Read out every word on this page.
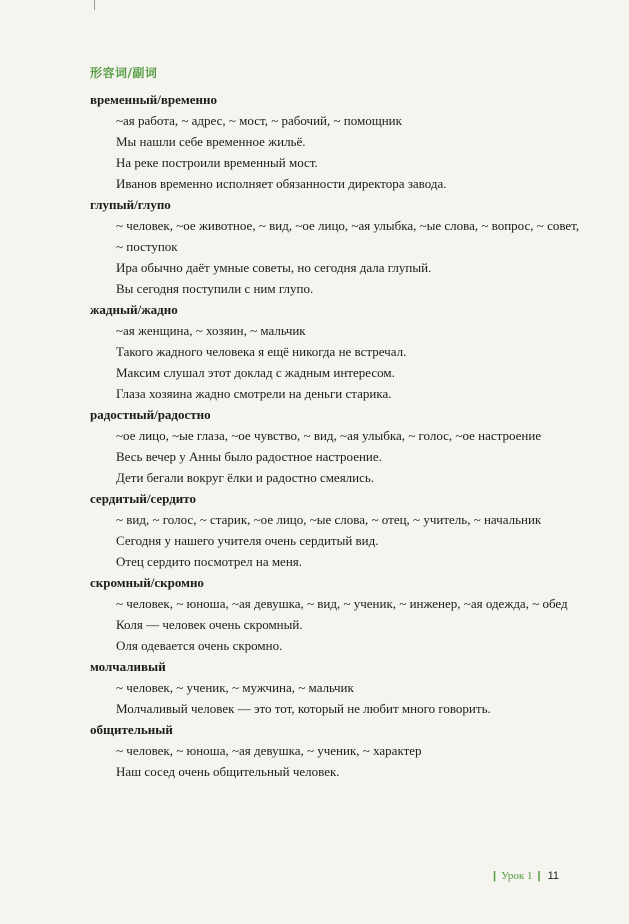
形容词/副词

временный/временно

~ая работа, ~ адрес, ~ мост, ~ рабочий, ~ помощник

Мы нашли себе временное жильё.

На реке построили временный мост.

Иванов временно исполняет обязанности директора завода.

глупый/глупо

~ человек, ~ое животное, ~ вид, ~ое лицо, ~ая улыбка, ~ые слова, ~ вопрос, ~ совет, ~ поступок

Ира обычно даёт умные советы, но сегодня дала глупый.

Вы сегодня поступили с ним глупо.

жадный/жадно

~ая женщина, ~ хозяин, ~ мальчик

Такого жадного человека я ещё никогда не встречал.

Максим слушал этот доклад с жадным интересом.

Глаза хозяина жадно смотрели на деньги старика.

радостный/радостно

~ое лицо, ~ые глаза, ~ое чувство, ~ вид, ~ая улыбка, ~ голос, ~ое настроение

Весь вечер у Анны было радостное настроение.

Дети бегали вокруг ёлки и радостно смеялись.

сердитый/сердито

~ вид, ~ голос, ~ старик, ~ое лицо, ~ые слова, ~ отец, ~ учитель, ~ начальник

Сегодня у нашего учителя очень сердитый вид.

Отец сердито посмотрел на меня.

скромный/скромно

~ человек, ~ юноша, ~ая девушка, ~ вид, ~ ученик, ~ инженер, ~ая одежда, ~ обед

Коля — человек очень скромный.

Оля одевается очень скромно.

молчаливый

~ человек, ~ ученик, ~ мужчина, ~ мальчик

Молчаливый человек — это тот, который не любит много говорить.

общительный

~ человек, ~ юноша, ~ая девушка, ~ ученик, ~ характер

Наш сосед очень общительный человек.

| Урок 1 | 11
